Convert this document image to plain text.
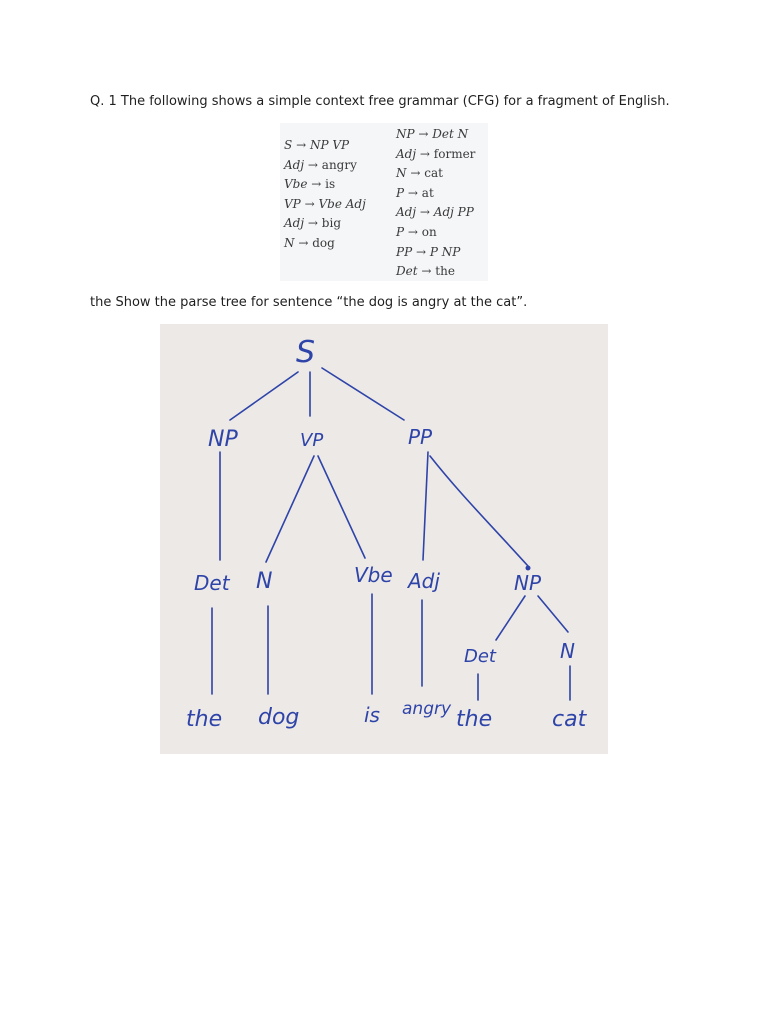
Q. 1 The following shows a simple context free grammar (CFG) for a fragment of English.
S → NP VP
Adj → angry
Vbe → is
VP → Vbe Adj
Adj → big
N → dog
NP → Det N
Adj → former
N → cat
P → at
Adj → Adj PP
P → on
PP → P NP
Det → the
the Show the parse tree for sentence “the dog is angry at the cat”.
S
NP	VP	PP
Det N	Vbe Adj	NP
Det	N
the dog	is angry the	cat
